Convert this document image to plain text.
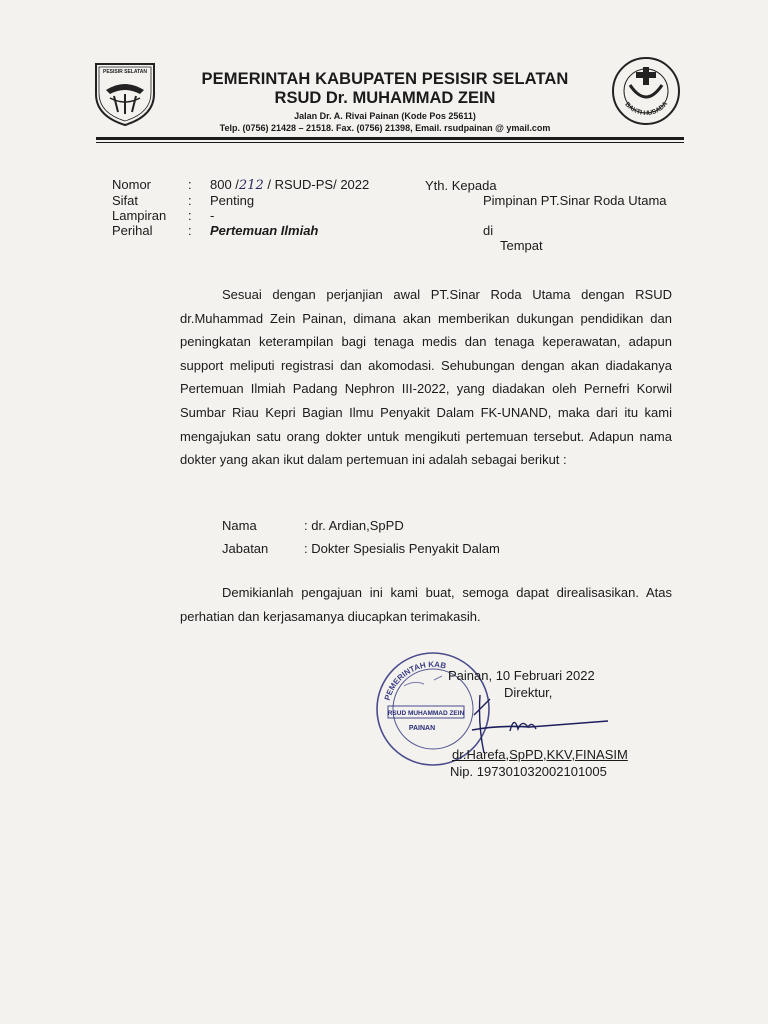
PESISIR SELATAN	PEMERINTAH KABUPATEN PESISIR SELATAN
RSUD Dr. MUHAMMAD ZEIN
Jalan Dr. A. Rivai Painan (Kode Pos 25611)
Telp. (0756) 21428 – 21518. Fax. (0756) 21398, Email. rsudpainan @ ymail.com
BAKTI HUSADA
Nomor	:	800 /212 / RSUD-PS/ 2022
Sifat	:	Penting
Lampiran	:	-
Perihal	:	Pertemuan Ilmiah
Yth. Kepada
Pimpinan PT.Sinar Roda Utama
di
Tempat
Sesuai dengan perjanjian awal PT.Sinar Roda Utama dengan RSUD dr.Muhammad Zein Painan, dimana akan memberikan dukungan pendidikan dan peningkatan keterampilan bagi tenaga medis dan tenaga keperawatan, adapun support meliputi registrasi dan akomodasi. Sehubungan dengan akan diadakanya Pertemuan Ilmiah Padang Nephron III-2022, yang diadakan oleh Pernefri Korwil Sumbar Riau Kepri Bagian Ilmu Penyakit Dalam FK-UNAND, maka dari itu kami mengajukan satu orang dokter untuk mengikuti pertemuan tersebut. Adapun nama dokter yang akan ikut dalam pertemuan ini adalah sebagai berikut :
Nama	: dr. Ardian,SpPD
Jabatan	: Dokter Spesialis Penyakit Dalam
Demikianlah pengajuan ini kami buat, semoga dapat direalisasikan. Atas perhatian dan kerjasamanya diucapkan terimakasih.
PEMERINTAH KAB
RSUD MUHAMMAD ZEIN
PAINAN
Painan, 10 Februari 2022
Direktur,
dr.Harefa,SpPD,KKV,FINASIM
Nip. 197301032002101005
